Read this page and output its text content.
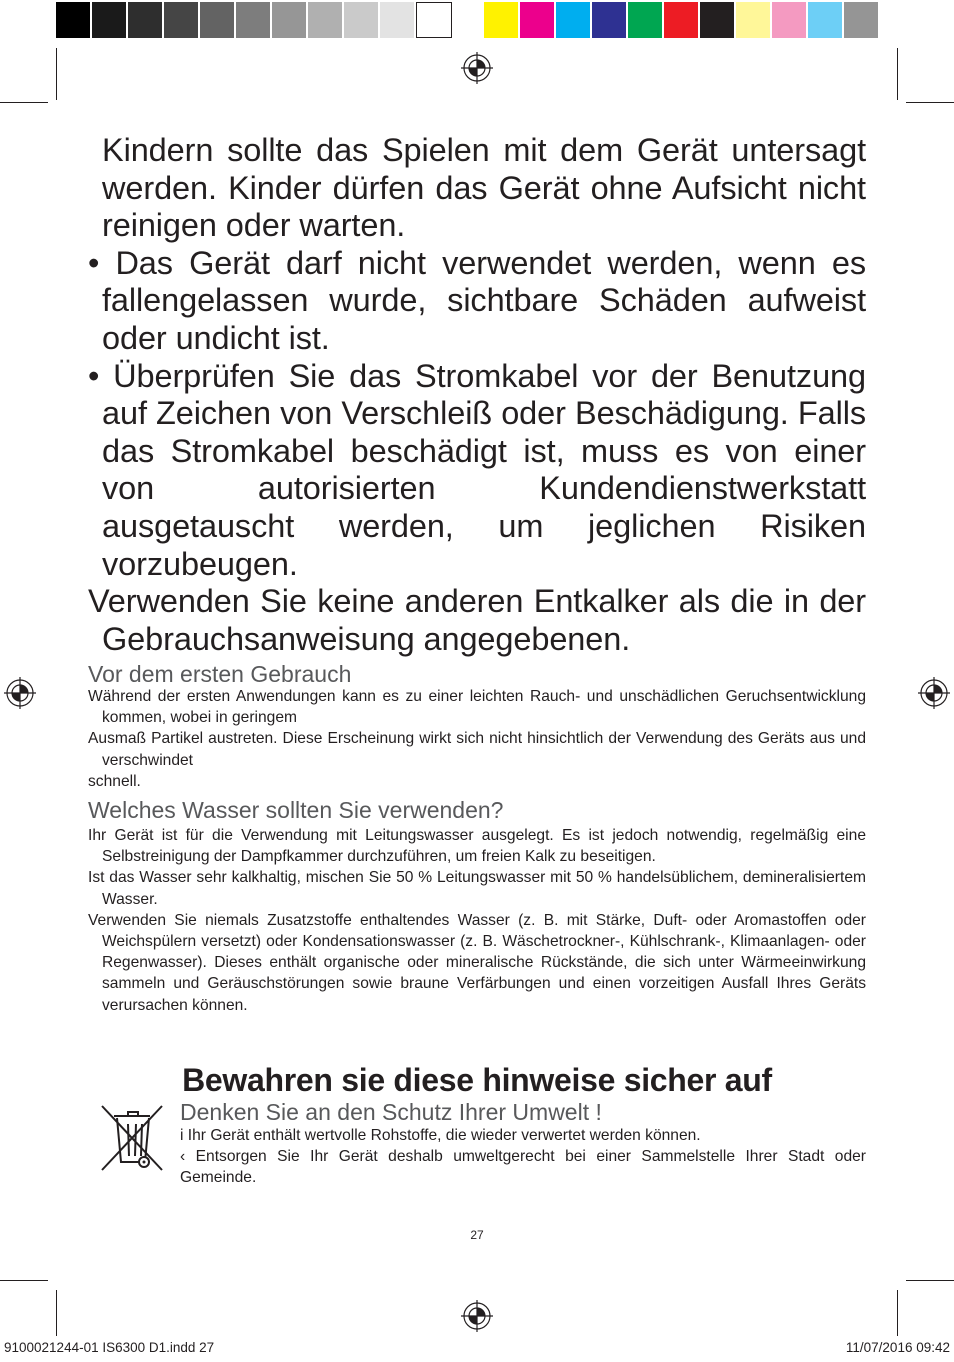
Kindern sollte das Spielen mit dem Gerät untersagt werden. Kinder dürfen das Gerät ohne Aufsicht nicht reinigen oder warten.

• Das Gerät darf nicht verwendet werden, wenn es fallengelassen wurde, sichtbare Schäden aufweist oder undicht ist.

• Überprüfen Sie das Stromkabel vor der Benutzung auf Zeichen von Verschleiß oder Beschädigung. Falls das Stromkabel beschädigt ist, muss es von einer von autorisierten Kundendienstwerkstatt ausgetauscht werden, um jeglichen Risiken vorzubeugen.

Verwenden Sie keine anderen Entkalker als die in der Gebrauchsanweisung angegebenen.

Vor dem ersten Gebrauch

Während der ersten Anwendungen kann es zu einer leichten Rauch- und unschädlichen Geruchsentwicklung kommen, wobei in geringem

Ausmaß Partikel austreten. Diese Erscheinung wirkt sich nicht hinsichtlich der Verwendung des Geräts aus und verschwindet

schnell.

Welches Wasser sollten Sie verwenden?

Ihr Gerät ist für die Verwendung mit Leitungswasser ausgelegt. Es ist jedoch notwendig, regelmäßig eine Selbstreinigung der Dampfkammer durchzuführen, um freien Kalk zu beseitigen.

Ist das Wasser sehr kalkhaltig, mischen Sie 50 % Leitungswasser mit 50 % handelsüblichem, demineralisiertem Wasser.

Verwenden Sie niemals Zusatzstoffe enthaltendes Wasser (z. B. mit Stärke, Duft- oder Aromastoffen oder Weichspülern versetzt) oder Kondensationswasser (z. B. Wäschetrockner-, Kühlschrank-, Klimaanlagen- oder Regenwasser). Dieses enthält organische oder mineralische Rückstände, die sich unter Wärmeeinwirkung sammeln und Geräuschstörungen sowie braune Verfärbungen und einen vorzeitigen Ausfall Ihres Geräts verursachen können.

Bewahren sie diese hinweise sicher auf
Denken Sie an den Schutz Ihrer Umwelt !

i Ihr Gerät enthält wertvolle Rohstoffe, die wieder verwertet werden können.

‹ Entsorgen Sie Ihr Gerät deshalb umweltgerecht bei einer Sammelstelle Ihrer Stadt oder Gemeinde.

27
9100021244-01 IS6300 D1.indd 27	11/07/2016 09:42
